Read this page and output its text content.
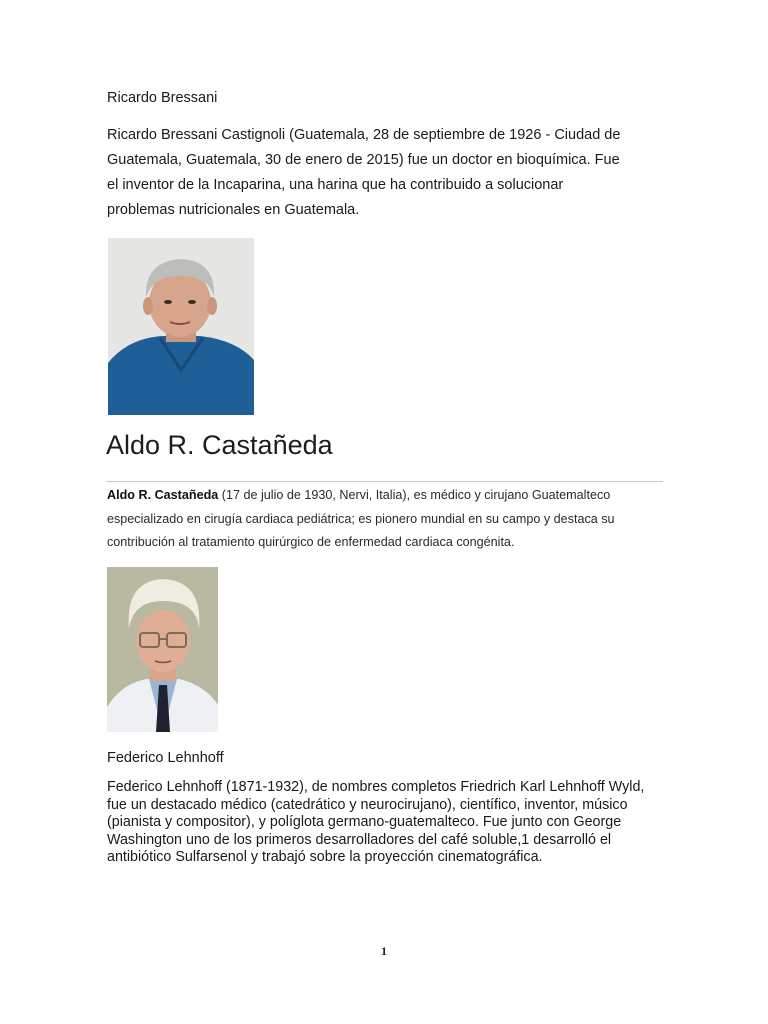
Ricardo Bressani
Ricardo Bressani Castignoli (Guatemala, 28 de septiembre de 1926 - Ciudad de Guatemala, Guatemala, 30 de enero de 2015) fue un doctor en bioquímica. Fue el inventor de la Incaparina, una harina que ha contribuido a solucionar problemas nutricionales en Guatemala.
Aldo R. Castañeda
Aldo R. Castañeda (17 de julio de 1930, Nervi, Italia), es médico y cirujano Guatemalteco especializado en cirugía cardiaca pediátrica; es pionero mundial en su campo y destaca su contribución al tratamiento quirúrgico de enfermedad cardiaca congénita.
Federico Lehnhoff
Federico Lehnhoff (1871-1932), de nombres completos Friedrich Karl Lehnhoff Wyld, fue un destacado médico (catedrático y neurocirujano), científico, inventor, músico (pianista y compositor), y políglota germano-guatemalteco. Fue junto con George Washington uno de los primeros desarrolladores del café soluble,1 desarrolló el antibiótico Sulfarsenol y trabajó sobre la proyección cinematográfica.
1
